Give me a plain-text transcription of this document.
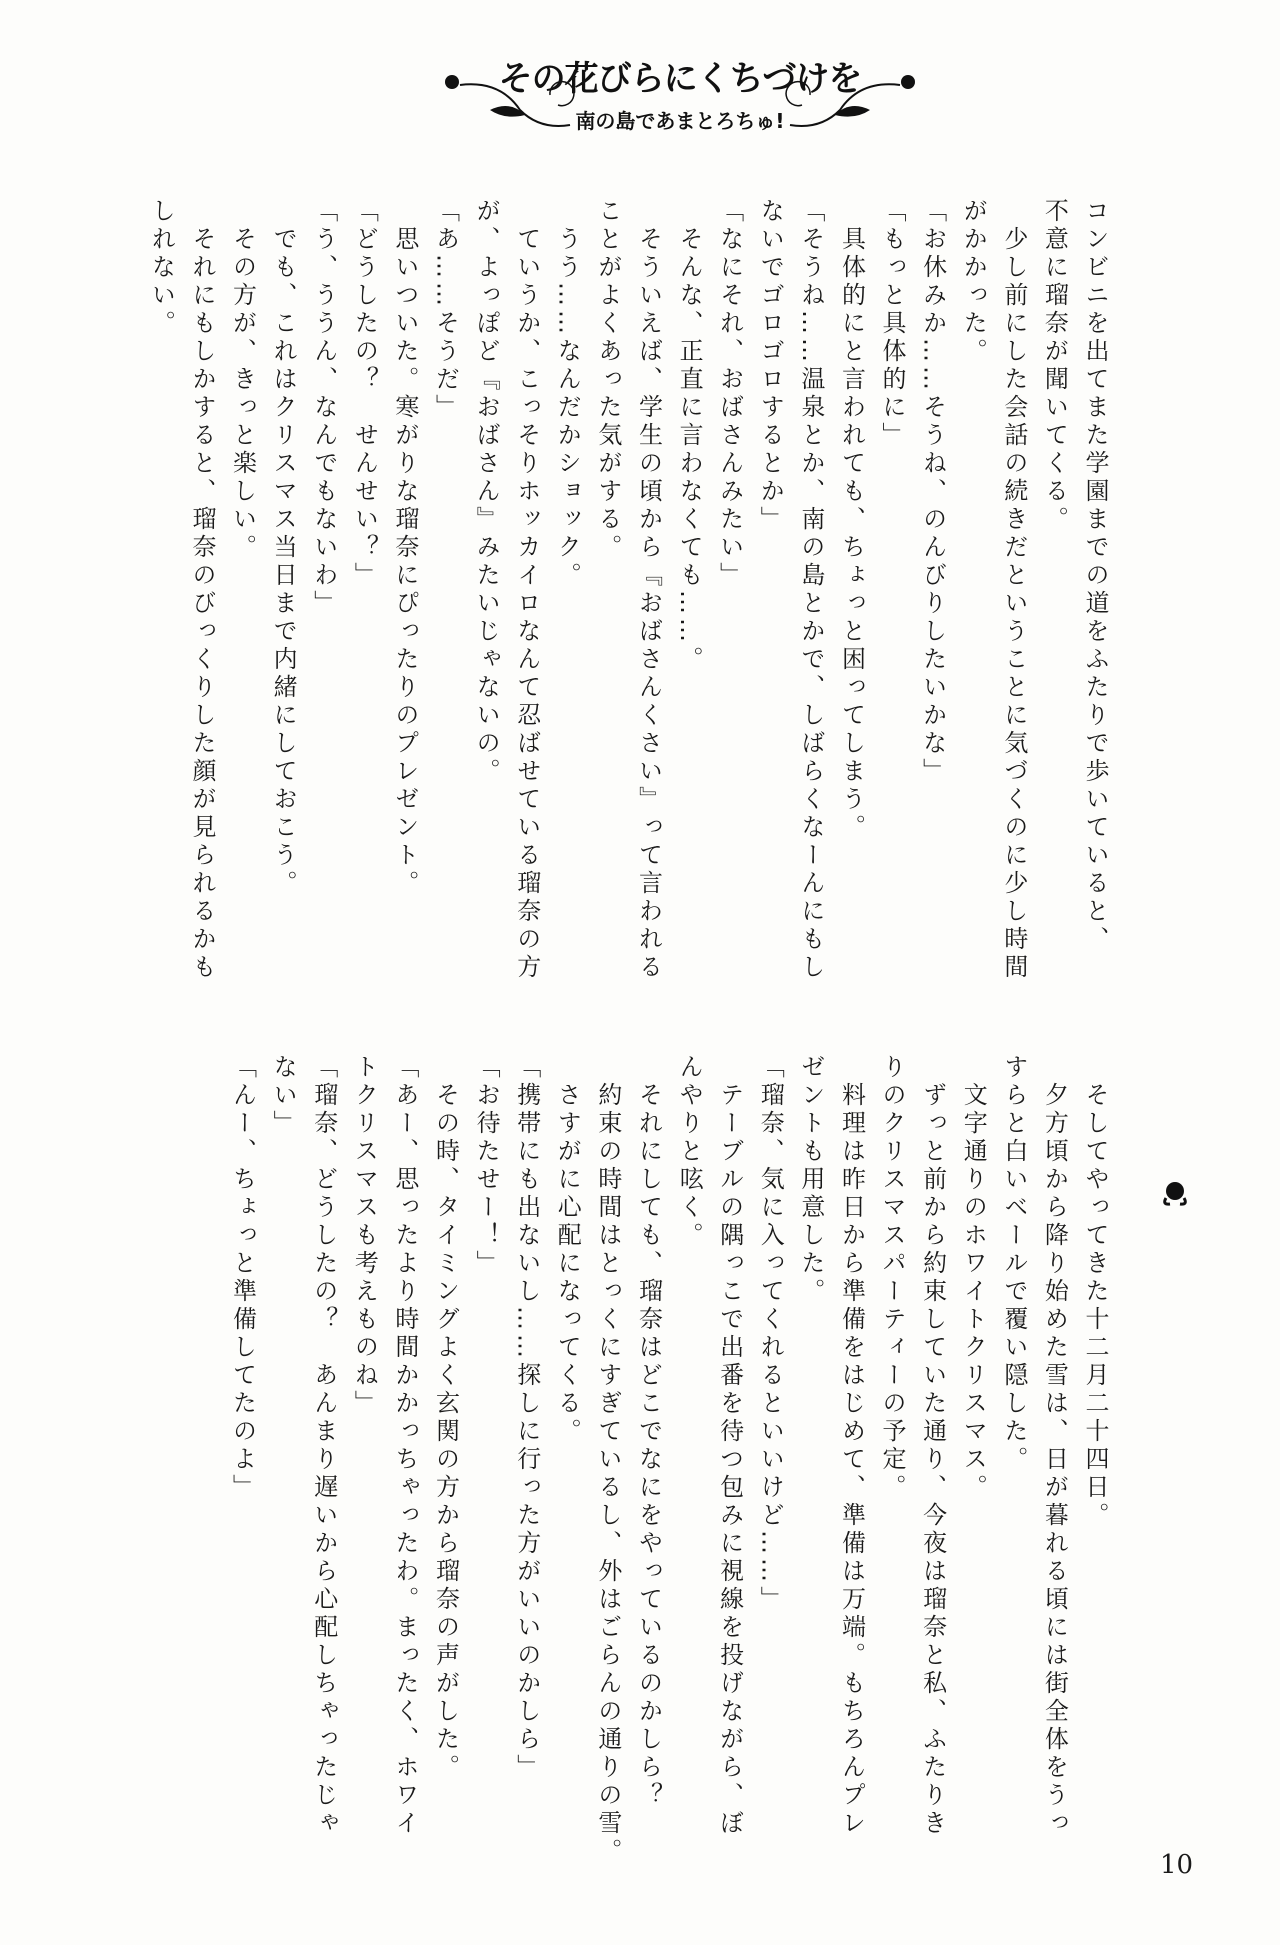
その花びらにくちづけを
南の島であまとろちゅ!
コンビニを出てまた学園までの道をふたりで歩いていると、
不意に瑠奈が聞いてくる。
　少し前にした会話の続きだということに気づくのに少し時間
がかかった。
「お休みか……そうね、のんびりしたいかな」
「もっと具体的に」
　具体的にと言われても、ちょっと困ってしまう。
「そうね……温泉とか、南の島とかで、しばらくなーんにもし
ないでゴロゴロするとか」
「なにそれ、おばさんみたい」
　そんな、正直に言わなくても……。
　そういえば、学生の頃から『おばさんくさい』って言われる
ことがよくあった気がする。
　うう……なんだかショック。
　ていうか、こっそりホッカイロなんて忍ばせている瑠奈の方
が、よっぽど『おばさん』みたいじゃないの。
「あ……そうだ」
　思いついた。寒がりな瑠奈にぴったりのプレゼント。
「どうしたの？　せんせい？」
「う、ううん、なんでもないわ」
　でも、これはクリスマス当日まで内緒にしておこう。
　その方が、きっと楽しい。
　それにもしかすると、瑠奈のびっくりした顔が見られるかも
しれない。
　そしてやってきた十二月二十四日。
　夕方頃から降り始めた雪は、日が暮れる頃には街全体をうっ
すらと白いベールで覆い隠した。
　文字通りのホワイトクリスマス。
　ずっと前から約束していた通り、今夜は瑠奈と私、ふたりき
りのクリスマスパーティーの予定。
　料理は昨日から準備をはじめて、準備は万端。もちろんプレ
ゼントも用意した。
「瑠奈、気に入ってくれるといいけど……」
　テーブルの隅っこで出番を待つ包みに視線を投げながら、ぼ
んやりと呟く。
　それにしても、瑠奈はどこでなにをやっているのかしら？
　約束の時間はとっくにすぎているし、外はごらんの通りの雪。
　さすがに心配になってくる。
「携帯にも出ないし……探しに行った方がいいのかしら」
「お待たせー！」
　その時、タイミングよく玄関の方から瑠奈の声がした。
「あー、思ったより時間かかっちゃったわ。まったく、ホワイ
トクリスマスも考えものね」
「瑠奈、どうしたの？　あんまり遅いから心配しちゃったじゃ
ない」
「んー、ちょっと準備してたのよ」
10
